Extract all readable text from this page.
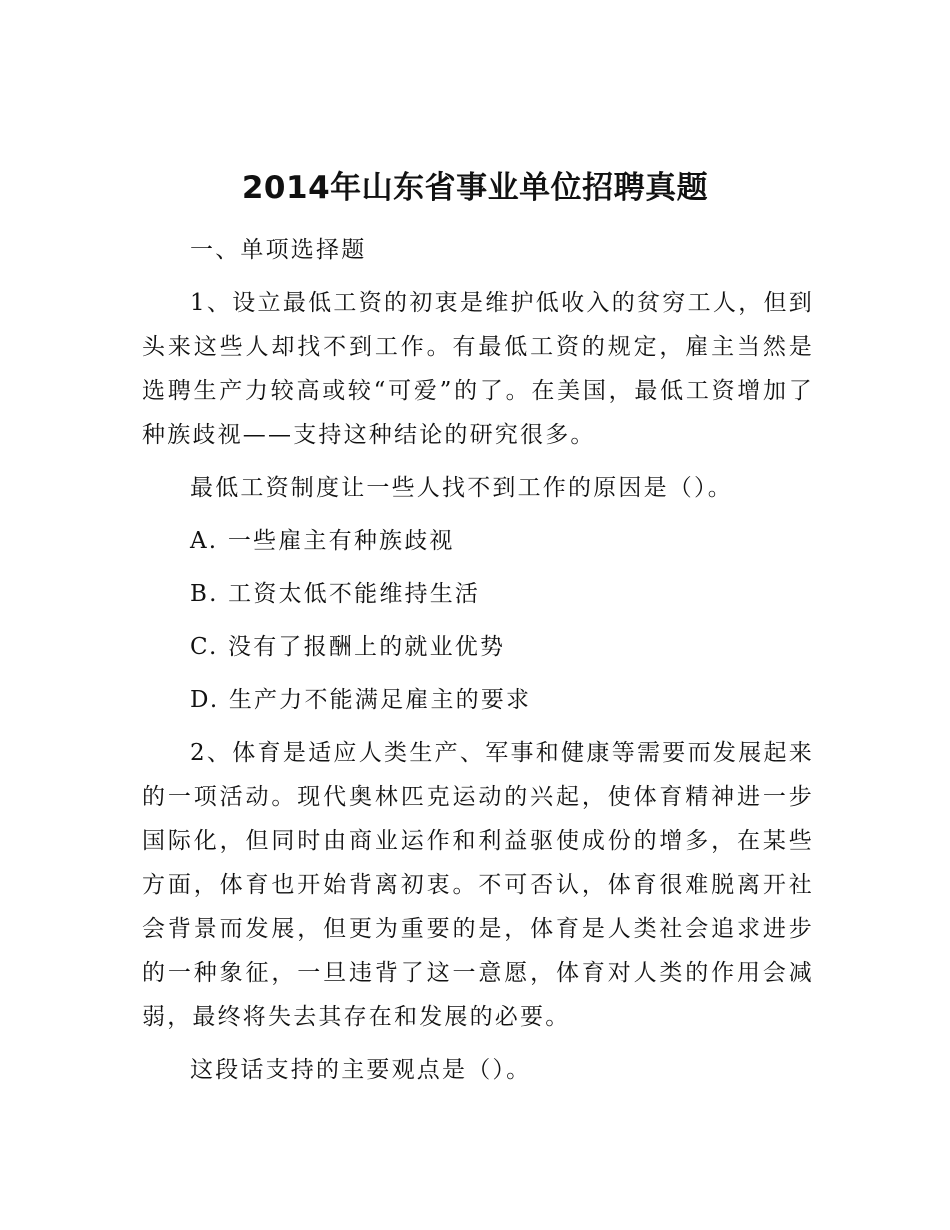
2014年山东省事业单位招聘真题
一、单项选择题
1、设立最低工资的初衷是维护低收入的贫穷工人，但到头来这些人却找不到工作。有最低工资的规定，雇主当然是选聘生产力较高或较“可爱”的了。在美国，最低工资增加了种族歧视——支持这种结论的研究很多。
最低工资制度让一些人找不到工作的原因是（）。
A. 一些雇主有种族歧视
B. 工资太低不能维持生活
C. 没有了报酬上的就业优势
D. 生产力不能满足雇主的要求
2、体育是适应人类生产、军事和健康等需要而发展起来的一项活动。现代奥林匹克运动的兴起，使体育精神进一步国际化，但同时由商业运作和利益驱使成份的增多，在某些方面，体育也开始背离初衷。不可否认，体育很难脱离开社会背景而发展，但更为重要的是，体育是人类社会追求进步的一种象征，一旦违背了这一意愿，体育对人类的作用会减弱，最终将失去其存在和发展的必要。
这段话支持的主要观点是（）。
